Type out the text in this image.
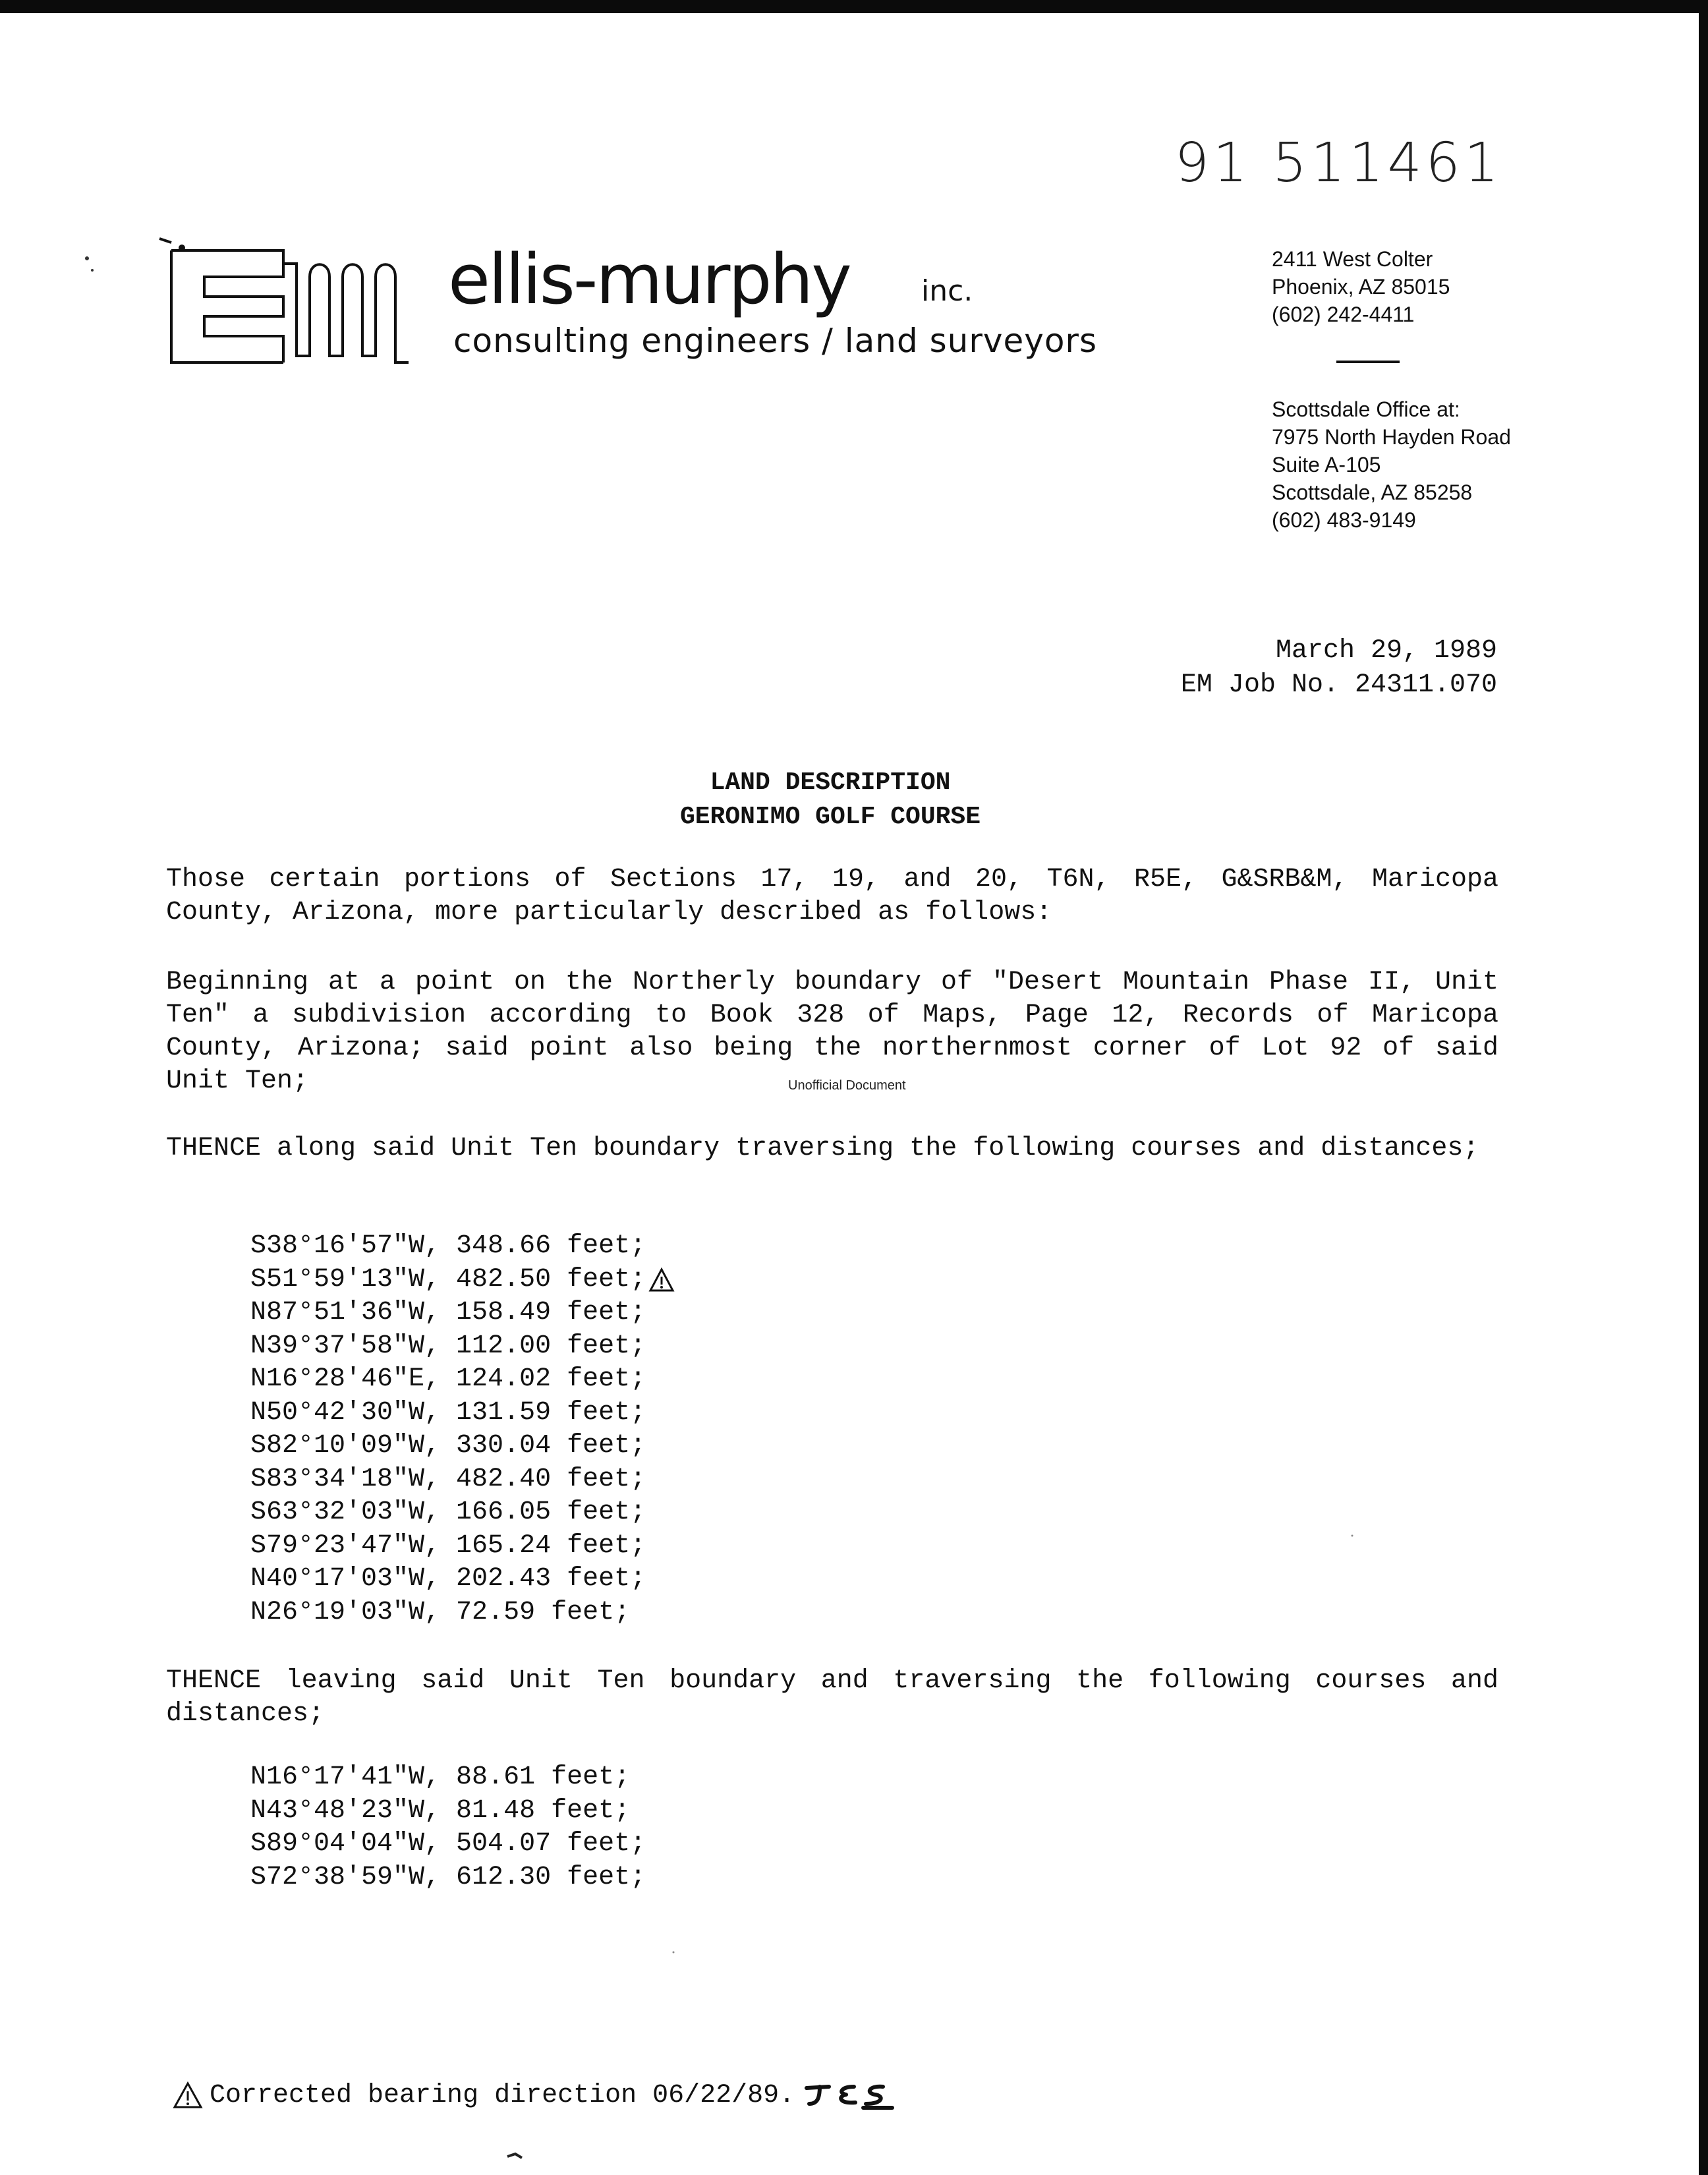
91 511461
ellis-murphy inc.
consulting engineers / land surveyors
2411 West Colter
Phoenix, AZ 85015
(602) 242-4411
Scottsdale Office at:
7975 North Hayden Road
Suite A-105
Scottsdale, AZ 85258
(602) 483-9149
March 29, 1989
EM Job No. 24311.070
LAND DESCRIPTION
GERONIMO GOLF COURSE
Those certain portions of Sections 17, 19, and 20, T6N, R5E, G&SRB&M, Maricopa County, Arizona, more particularly described as follows:
Beginning at a point on the Northerly boundary of "Desert Mountain Phase II, Unit Ten" a subdivision according to Book 328 of Maps, Page 12, Records of Maricopa County, Arizona; said point also being the northernmost corner of Lot 92 of said Unit Ten;	Unofficial Document
THENCE along said Unit Ten boundary traversing the following courses and distances;
S38°16'57"W, 348.66 feet;
S51°59'13"W, 482.50 feet;
N87°51'36"W, 158.49 feet;
N39°37'58"W, 112.00 feet;
N16°28'46"E, 124.02 feet;
N50°42'30"W, 131.59 feet;
S82°10'09"W, 330.04 feet;
S83°34'18"W, 482.40 feet;
S63°32'03"W, 166.05 feet;
S79°23'47"W, 165.24 feet;
N40°17'03"W, 202.43 feet;
N26°19'03"W, 72.59 feet;
THENCE leaving said Unit Ten boundary and traversing the following courses and distances;
N16°17'41"W, 88.61 feet;
N43°48'23"W, 81.48 feet;
S89°04'04"W, 504.07 feet;
S72°38'59"W, 612.30 feet;
Corrected bearing direction 06/22/89.
